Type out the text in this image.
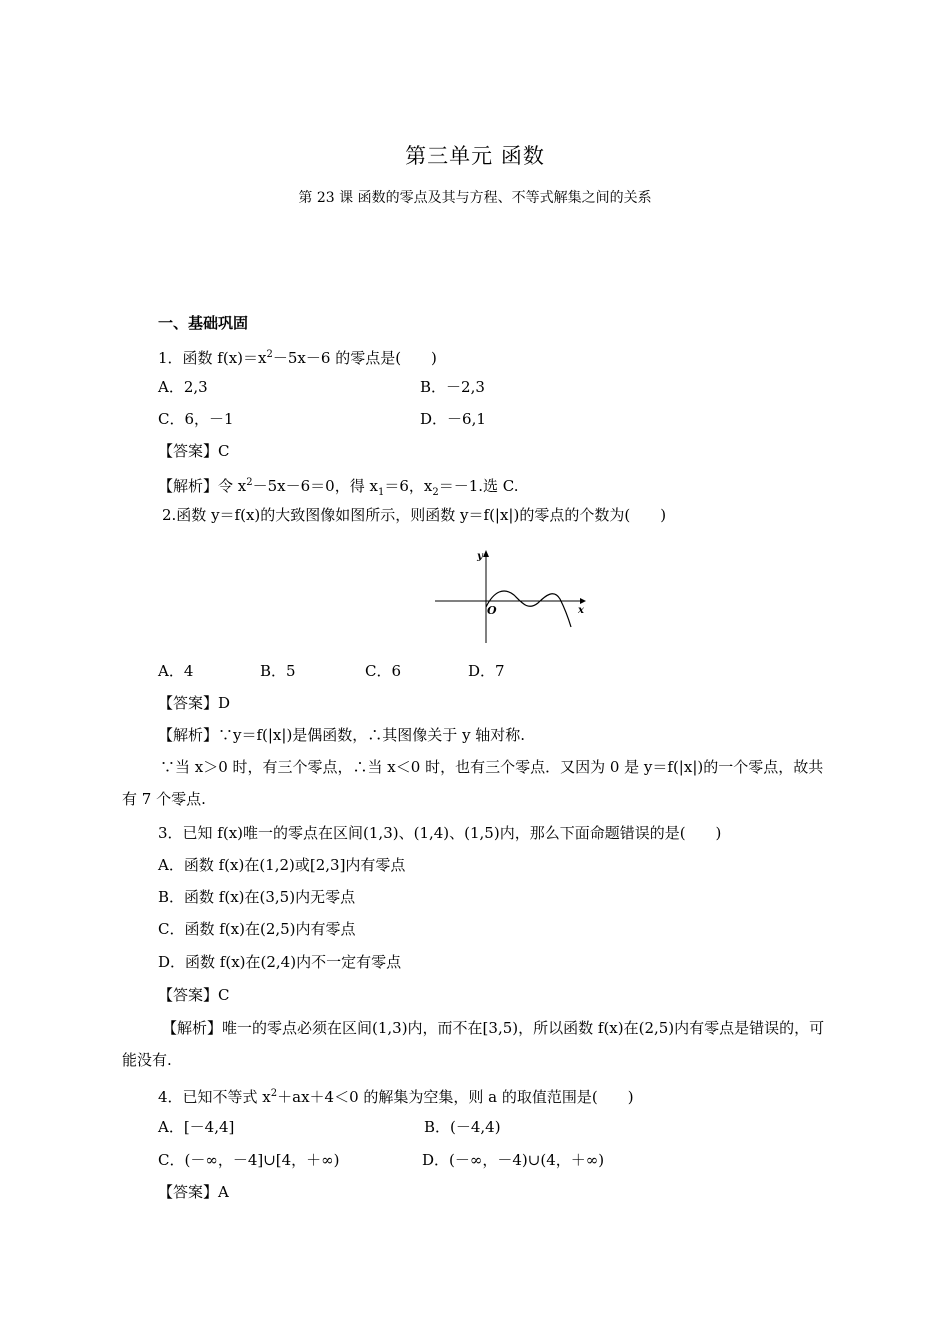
第三单元 函数
第 23 课 函数的零点及其与方程、不等式解集之间的关系
一、基础巩固
1．函数 $f(x)=x^2-5x-6$ 的零点是(　　)
A．2,3	B．－2,3
C．6，－1	D．－6,1
【答案】C
【解析】令 $x^2-5x-6=0$，得 $x_1=6$，$x_2=-1$.选 C.
2.函数 y＝f(x)的大致图像如图所示，则函数 y＝f(|x|)的零点的个数为(　　)
y
x
O
A．4	B．5	C．6	D．7
【答案】D
【解析】∵y＝f(|x|)是偶函数，∴其图像关于 y 轴对称.
∵当 x＞0 时，有三个零点，∴当 x＜0 时，也有三个零点．又因为 0 是 y＝f(|x|)的一个零点，故共
有 7 个零点.
3．已知 f(x)唯一的零点在区间(1,3)、(1,4)、(1,5)内，那么下面命题错误的是(　　)
A．函数 f(x)在(1,2)或[2,3]内有零点
B．函数 f(x)在(3,5)内无零点
C．函数 f(x)在(2,5)内有零点
D．函数 f(x)在(2,4)内不一定有零点
【答案】C
【解析】唯一的零点必须在区间(1,3)内，而不在[3,5)，所以函数 f(x)在(2,5)内有零点是错误的，可
能没有.
4．已知不等式 $x^2+ax+4<0$ 的解集为空集，则 a 的取值范围是(　　)
A．[－4,4]	B．(－4,4)
C．(－∞，－4]∪[4，＋∞)	D．(－∞，－4)∪(4，＋∞)
【答案】A
